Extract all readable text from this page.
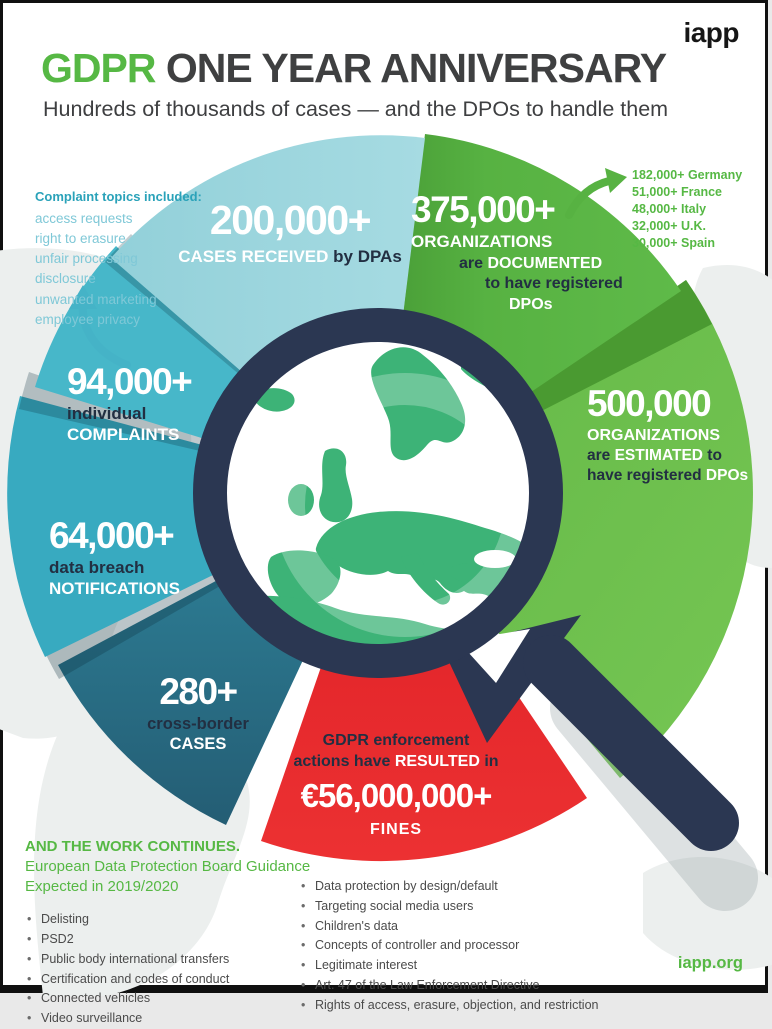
iapp
GDPR ONE YEAR ANNIVERSARY
Hundreds of thousands of cases — and the DPOs to handle them
Complaint topics included:
access requests
right to erasure
unfair processing
disclosure
unwanted marketing
employee privacy
200,000+
CASES RECEIVED by DPAs
375,000+
ORGANIZATIONS
are DOCUMENTED
to have registered
DPOs
182,000+ Germany
51,000+ France
48,000+ Italy
32,000+ U.K.
30,000+ Spain
500,000
ORGANIZATIONS
are ESTIMATED to
have registered DPOs
94,000+
individual
COMPLAINTS
64,000+
data breach
NOTIFICATIONS
280+
cross-border
CASES	GDPR enforcement
actions have RESULTED in
€56,000,000+
FINES
AND THE WORK CONTINUES.
European Data Protection Board Guidance
Expected in 2019/2020
• Delisting
• PSD2
• Public body international transfers
• Certification and codes of conduct
• Connected vehicles
• Video surveillance
• Data protection by design/default
• Targeting social media users
• Children's data
• Concepts of controller and processor
• Legitimate interest
• Art. 47 of the Law Enforcement Directive
• Rights of access, erasure, objection, and restriction
iapp.org
